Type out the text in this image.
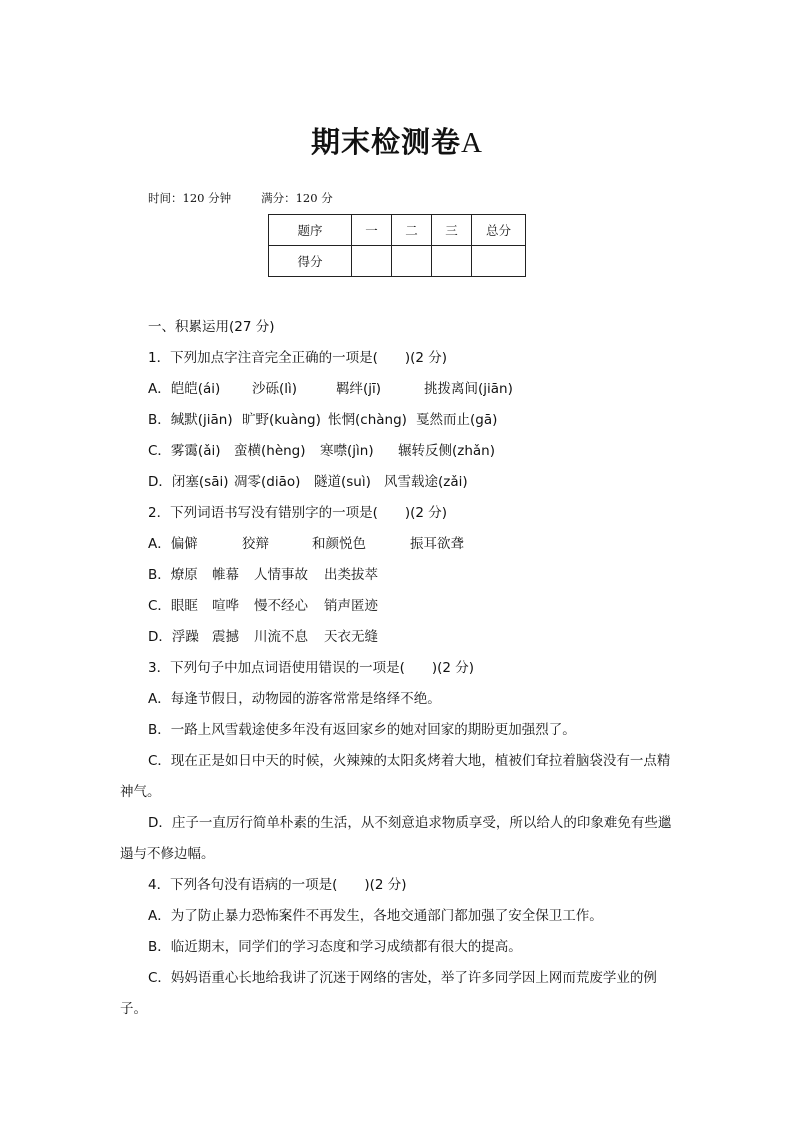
期末检测卷A
时间：120 分钟	满分：120 分
题序	一	二	三	总分
得分				
一、积累运用(27 分)
1．下列加点字注音完全正确的一项是(　　)(2 分)
A．皑皑(ái) 沙砾(lì)	羁绊(jī)	挑拨离间(jiān)
B．缄默(jiān) 旷野(kuàng) 怅惘(chàng) 戛然而止(gā)
C．雾霭(ǎi) 蛮横(hèng) 寒噤(jìn) 辗转反侧(zhǎn)
D．闭塞(sāi) 凋零(diāo) 隧道(suì) 风雪载途(zǎi)
2．下列词语书写没有错别字的一项是(　　)(2 分)
A．偏僻	狡辩	和颜悦色	振耳欲聋
B．燎原 帷幕 人情事故 出类拔萃
C．眼眶 喧哗 慢不经心 销声匿迹
D．浮躁 震撼 川流不息 天衣无缝
3．下列句子中加点词语使用错误的一项是(　　)(2 分)
A．每逢节假日，动物园的游客常常是络绎不绝。
B．一路上风雪载途使多年没有返回家乡的她对回家的期盼更加强烈了。
C．现在正是如日中天的时候，火辣辣的太阳炙烤着大地，植被们耷拉着脑袋没有一点精神气。
D．庄子一直厉行简单朴素的生活，从不刻意追求物质享受，所以给人的印象难免有些邋遢与不修边幅。
4．下列各句没有语病的一项是(　　)(2 分)
A．为了防止暴力恐怖案件不再发生，各地交通部门都加强了安全保卫工作。
B．临近期末，同学们的学习态度和学习成绩都有很大的提高。
C．妈妈语重心长地给我讲了沉迷于网络的害处，举了许多同学因上网而荒废学业的例子。
